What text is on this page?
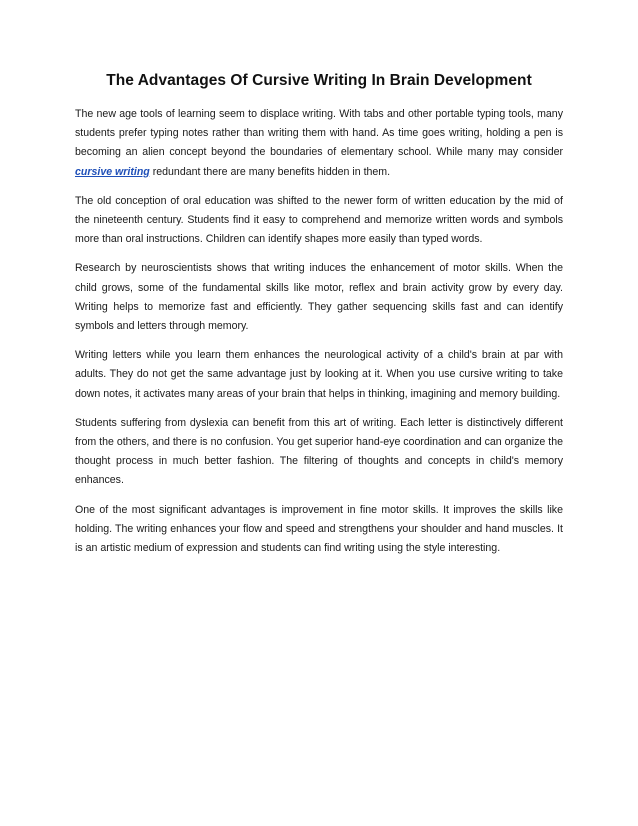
The Advantages Of Cursive Writing In Brain Development

The new age tools of learning seem to displace writing. With tabs and other portable typing tools, many students prefer typing notes rather than writing them with hand. As time goes writing, holding a pen is becoming an alien concept beyond the boundaries of elementary school. While many may consider cursive writing redundant there are many benefits hidden in them.

The old conception of oral education was shifted to the newer form of written education by the mid of the nineteenth century. Students find it easy to comprehend and memorize written words and symbols more than oral instructions. Children can identify shapes more easily than typed words.

Research by neuroscientists shows that writing induces the enhancement of motor skills. When the child grows, some of the fundamental skills like motor, reflex and brain activity grow by every day. Writing helps to memorize fast and efficiently. They gather sequencing skills fast and can identify symbols and letters through memory.

Writing letters while you learn them enhances the neurological activity of a child's brain at par with adults. They do not get the same advantage just by looking at it. When you use cursive writing to take down notes, it activates many areas of your brain that helps in thinking, imagining and memory building.

Students suffering from dyslexia can benefit from this art of writing. Each letter is distinctively different from the others, and there is no confusion. You get superior hand-eye coordination and can organize the thought process in much better fashion. The filtering of thoughts and concepts in child's memory enhances.

One of the most significant advantages is improvement in fine motor skills. It improves the skills like holding. The writing enhances your flow and speed and strengthens your shoulder and hand muscles. It is an artistic medium of expression and students can find writing using the style interesting.
